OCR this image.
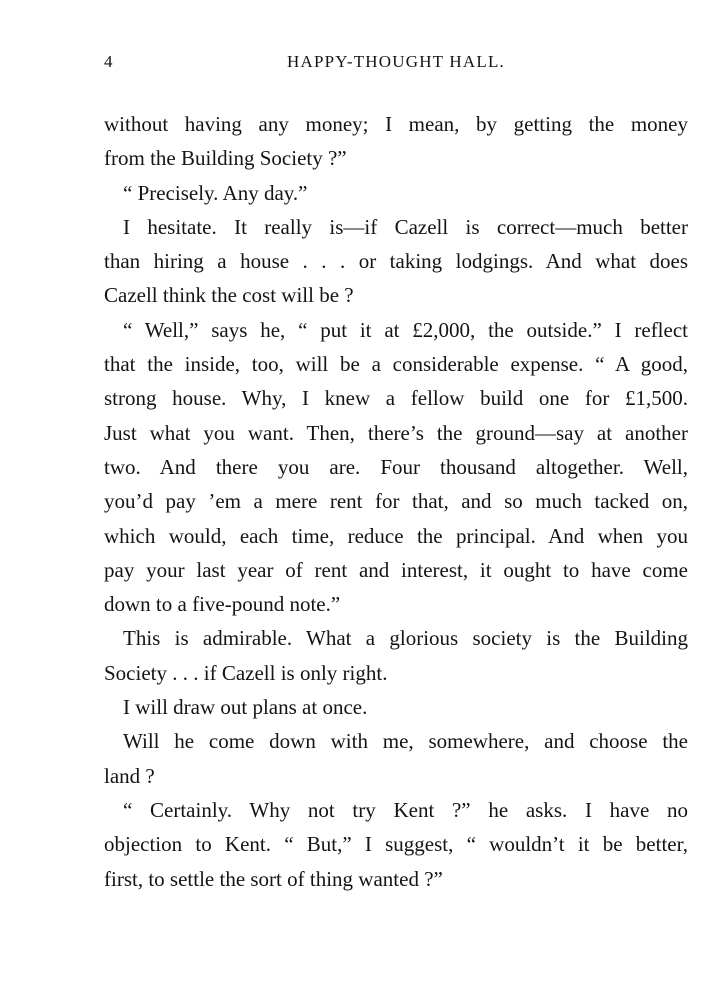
4	HAPPY-THOUGHT HALL.
without having any money; I mean, by getting the money
from the Building Society ?”
“ Precisely. Any day.”
I hesitate. It really is—if Cazell is correct—much better
than hiring a house . . . or taking lodgings. And what does
Cazell think the cost will be ?
“ Well,” says he, “ put it at £2,000, the outside.” I reflect
that the inside, too, will be a considerable expense. “ A good,
strong house. Why, I knew a fellow build one for £1,500.
Just what you want. Then, there’s the ground—say at another
two. And there you are. Four thousand altogether. Well,
you’d pay ’em a mere rent for that, and so much tacked on,
which would, each time, reduce the principal. And when you
pay your last year of rent and interest, it ought to have come
down to a five-pound note.”
This is admirable. What a glorious society is the Building
Society . . . if Cazell is only right.
I will draw out plans at once.
Will he come down with me, somewhere, and choose the
land ?
“ Certainly. Why not try Kent ?” he asks. I have no
objection to Kent. “ But,” I suggest, “ wouldn’t it be better,
first, to settle the sort of thing wanted ?”
